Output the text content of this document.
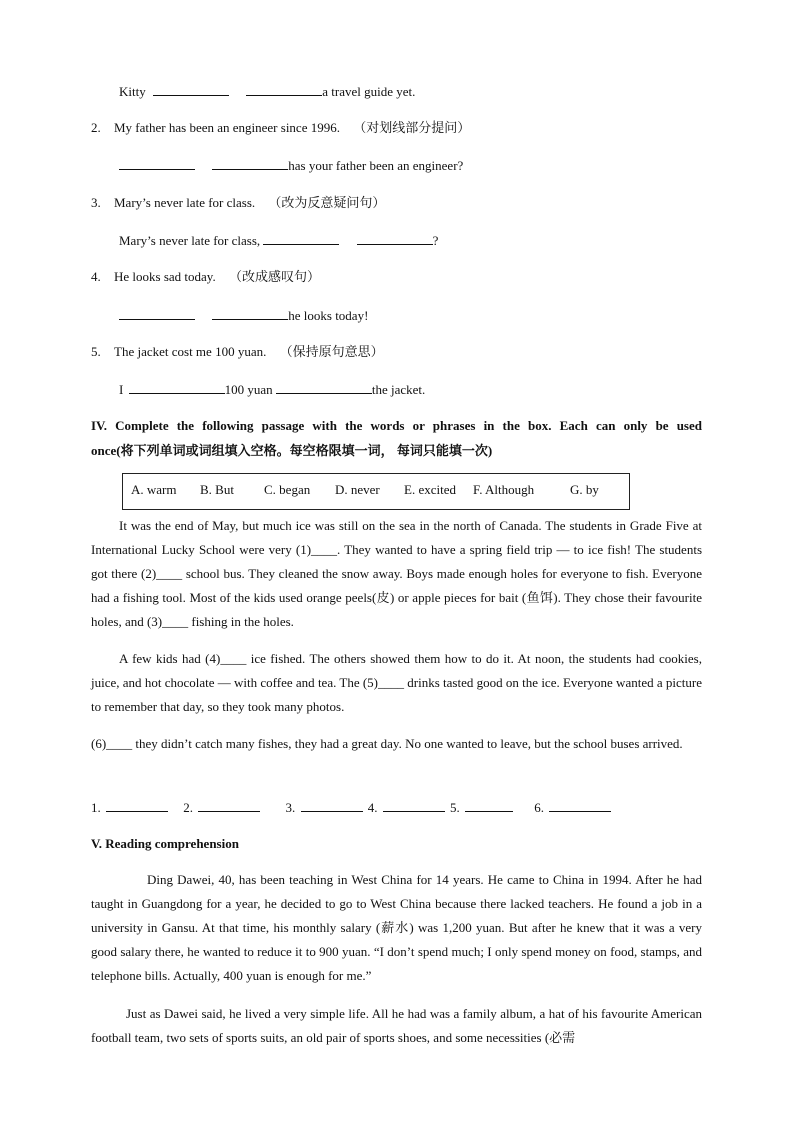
Kitty	a travel guide yet.
2. My father has been an engineer since 1996. （对划线部分提问）
has your father been an engineer?
3. Mary’s never late for class. （改为反意疑问句）
Mary’s never late for class,	?
4. He looks sad today. （改成感叹句）
he looks today!
5. The jacket cost me 100 yuan. （保持原句意思）
I	100 yuan	the jacket.
IV. Complete the following passage with the words or phrases in the box. Each can only be used
once(将下列单词或词组填入空格。每空格限填一词， 每词只能填一次)
A. warm B. But C. began D. never E. excited F. Although	G. by
It was the end of May, but much ice was still on the sea in the north of Canada. The students in Grade Five at International Lucky School were very (1)____. They wanted to have a spring field trip — to ice fish! The students got there (2)____ school bus. They cleaned the snow away. Boys made enough holes for everyone to fish. Everyone had a fishing tool. Most of the kids used orange peels(皮) or apple pieces for bait (鱼饵). They chose their favourite holes, and (3)____ fishing in the holes.
A few kids had (4)____ ice fished. The others showed them how to do it. At noon, the students had cookies, juice, and hot chocolate — with coffee and tea. The (5)____ drinks tasted good on the ice. Everyone wanted a picture to remember that day, so they took many photos.
(6)____ they didn’t catch many fishes, they had a great day. No one wanted to leave, but the school buses arrived.
1.	2.	3.	4.	5.	6.
V. Reading comprehension
Ding Dawei, 40, has been teaching in West China for 14 years. He came to China in 1994. After he had taught in Guangdong for a year, he decided to go to West China because there lacked teachers. He found a job in a university in Gansu. At that time, his monthly salary (薪水) was 1,200 yuan. But after he knew that it was a very good salary there, he wanted to reduce it to 900 yuan. “I don’t spend much; I only spend money on food, stamps, and telephone bills. Actually, 400 yuan is enough for me.”
Just as Dawei said, he lived a very simple life. All he had was a family album, a hat of his favourite American football team, two sets of sports suits, an old pair of sports shoes, and some necessities (必需
